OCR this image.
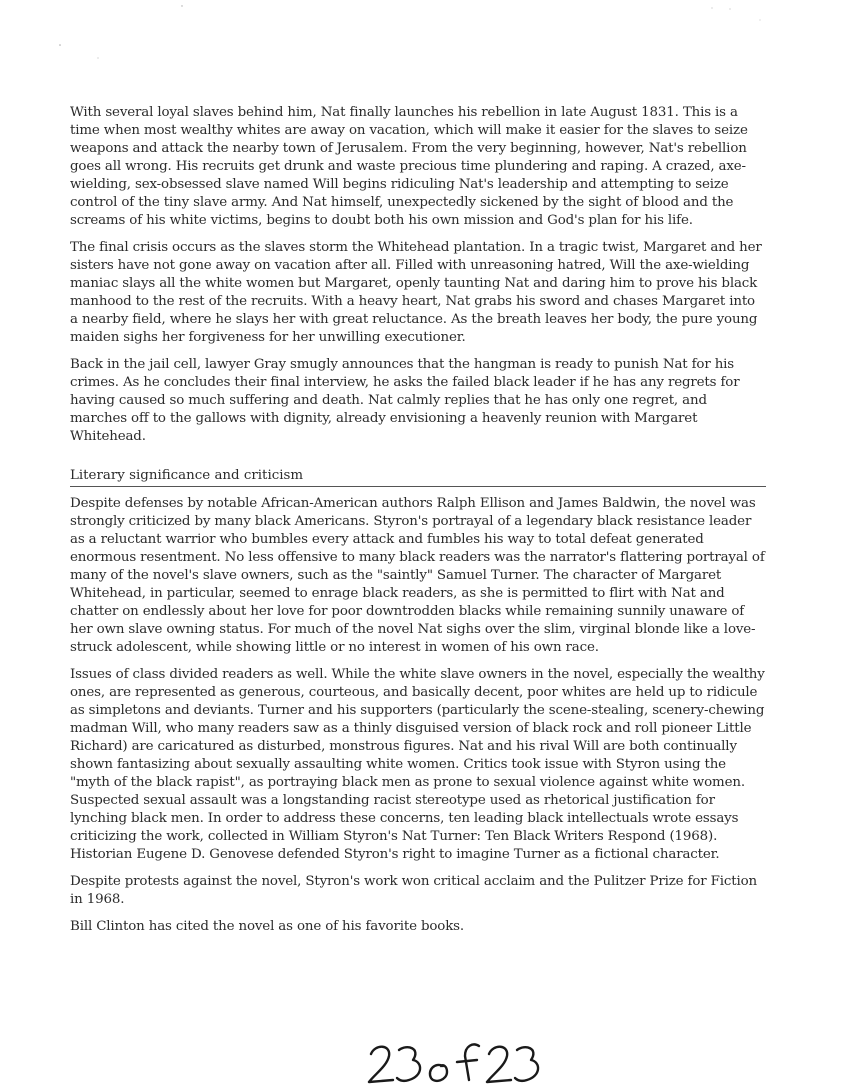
With several loyal slaves behind him, Nat finally launches his rebellion in late August 1831. This is a time when most wealthy whites are away on vacation, which will make it easier for the slaves to seize weapons and attack the nearby town of Jerusalem. From the very beginning, however, Nat's rebellion goes all wrong. His recruits get drunk and waste precious time plundering and raping. A crazed, axe-wielding, sex-obsessed slave named Will begins ridiculing Nat's leadership and attempting to seize control of the tiny slave army. And Nat himself, unexpectedly sickened by the sight of blood and the screams of his white victims, begins to doubt both his own mission and God's plan for his life.

The final crisis occurs as the slaves storm the Whitehead plantation. In a tragic twist, Margaret and her sisters have not gone away on vacation after all. Filled with unreasoning hatred, Will the axe-wielding maniac slays all the white women but Margaret, openly taunting Nat and daring him to prove his black manhood to the rest of the recruits. With a heavy heart, Nat grabs his sword and chases Margaret into a nearby field, where he slays her with great reluctance. As the breath leaves her body, the pure young maiden sighs her forgiveness for her unwilling executioner.

Back in the jail cell, lawyer Gray smugly announces that the hangman is ready to punish Nat for his crimes. As he concludes their final interview, he asks the failed black leader if he has any regrets for having caused so much suffering and death. Nat calmly replies that he has only one regret, and marches off to the gallows with dignity, already envisioning a heavenly reunion with Margaret Whitehead.

Literary significance and criticism

Despite defenses by notable African-American authors Ralph Ellison and James Baldwin, the novel was strongly criticized by many black Americans. Styron's portrayal of a legendary black resistance leader as a reluctant warrior who bumbles every attack and fumbles his way to total defeat generated enormous resentment. No less offensive to many black readers was the narrator's flattering portrayal of many of the novel's slave owners, such as the "saintly" Samuel Turner. The character of Margaret Whitehead, in particular, seemed to enrage black readers, as she is permitted to flirt with Nat and chatter on endlessly about her love for poor downtrodden blacks while remaining sunnily unaware of her own slave owning status. For much of the novel Nat sighs over the slim, virginal blonde like a love-struck adolescent, while showing little or no interest in women of his own race.

Issues of class divided readers as well. While the white slave owners in the novel, especially the wealthy ones, are represented as generous, courteous, and basically decent, poor whites are held up to ridicule as simpletons and deviants. Turner and his supporters (particularly the scene-stealing, scenery-chewing madman Will, who many readers saw as a thinly disguised version of black rock and roll pioneer Little Richard) are caricatured as disturbed, monstrous figures. Nat and his rival Will are both continually shown fantasizing about sexually assaulting white women. Critics took issue with Styron using the "myth of the black rapist", as portraying black men as prone to sexual violence against white women. Suspected sexual assault was a longstanding racist stereotype used as rhetorical justification for lynching black men. In order to address these concerns, ten leading black intellectuals wrote essays criticizing the work, collected in William Styron's Nat Turner: Ten Black Writers Respond (1968). Historian Eugene D. Genovese defended Styron's right to imagine Turner as a fictional character.

Despite protests against the novel, Styron's work won critical acclaim and the Pulitzer Prize for Fiction in 1968.

Bill Clinton has cited the novel as one of his favorite books.
